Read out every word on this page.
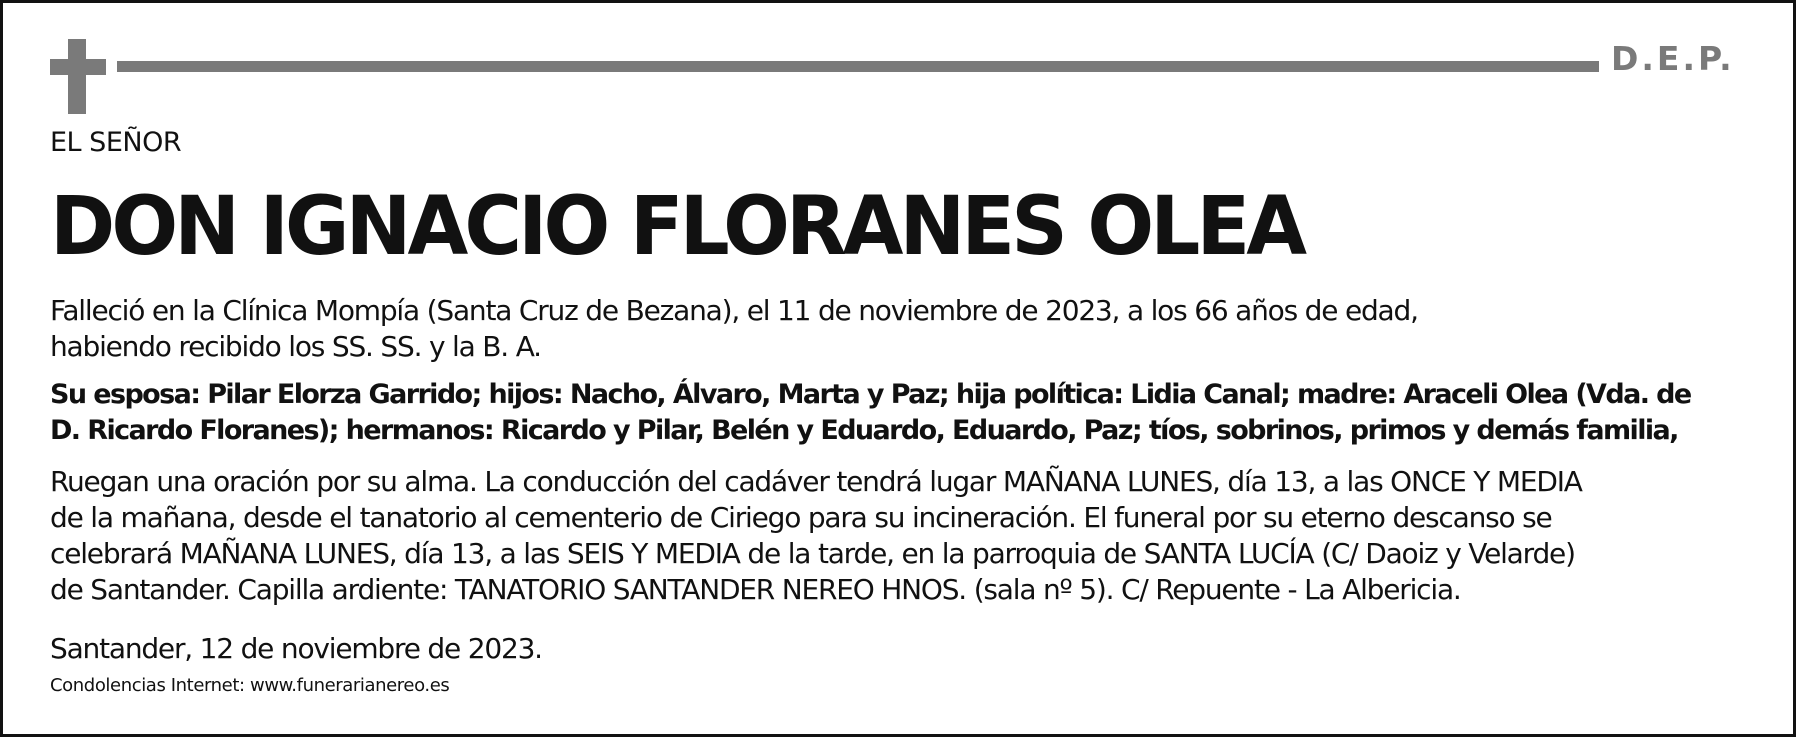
D.E.P.
EL SEÑOR
DON IGNACIO FLORANES OLEA
Falleció en la Clínica Mompía (Santa Cruz de Bezana), el 11 de noviembre de 2023, a los 66 años de edad,
habiendo recibido los SS. SS. y la B. A.
Su esposa: Pilar Elorza Garrido; hijos: Nacho, Álvaro, Marta y Paz; hija política: Lidia Canal; madre: Araceli Olea (Vda. de
D. Ricardo Floranes); hermanos: Ricardo y Pilar, Belén y Eduardo, Eduardo, Paz; tíos, sobrinos, primos y demás familia,
Ruegan una oración por su alma. La conducción del cadáver tendrá lugar MAÑANA LUNES, día 13, a las ONCE Y MEDIA
de la mañana, desde el tanatorio al cementerio de Ciriego para su incineración. El funeral por su eterno descanso se
celebrará MAÑANA LUNES, día 13, a las SEIS Y MEDIA de la tarde, en la parroquia de SANTA LUCÍA (C/ Daoiz y Velarde)
de Santander. Capilla ardiente: TANATORIO SANTANDER NEREO HNOS. (sala nº 5). C/ Repuente - La Albericia.
Santander, 12 de noviembre de 2023.
Condolencias Internet: www.funerarianereo.es
